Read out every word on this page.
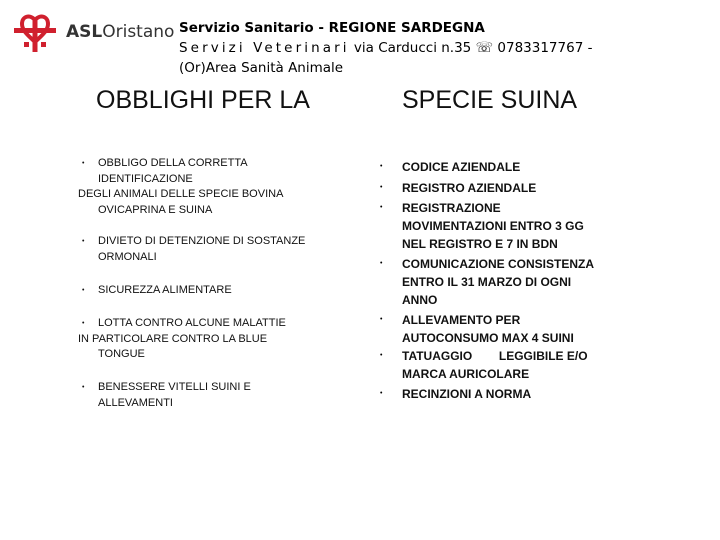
ASLOristano Servizio Sanitario - REGIONE SARDEGNA
Servizi Veterinari via Carducci n.35 ☏ 0783317767 -
(Or)Area Sanità Animale
OBBLIGHI PER LA	SPECIE SUINA
•	OBBLIGO DELLA CORRETTA
IDENTIFICAZIONE
DEGLI ANIMALI DELLE SPECIE BOVINA
OVICAPRINA E SUINA
•	DIVIETO DI DETENZIONE DI SOSTANZE
ORMONALI
•	SICUREZZA ALIMENTARE
•	LOTTA CONTRO ALCUNE MALATTIE
IN PARTICOLARE CONTRO LA BLUE
TONGUE
•	BENESSERE VITELLI SUINI E
ALLEVAMENTI
• CODICE AZIENDALE
• REGISTRO AZIENDALE
• REGISTRAZIONE
MOVIMENTAZIONI ENTRO 3 GG
NEL REGISTRO E 7 IN BDN
• COMUNICAZIONE CONSISTENZA
ENTRO IL 31 MARZO DI OGNI
ANNO
• ALLEVAMENTO PER
AUTOCONSUMO MAX 4 SUINI
• TATUAGGIO        LEGGIBILE E/O
MARCA AURICOLARE
• RECINZIONI A NORMA
